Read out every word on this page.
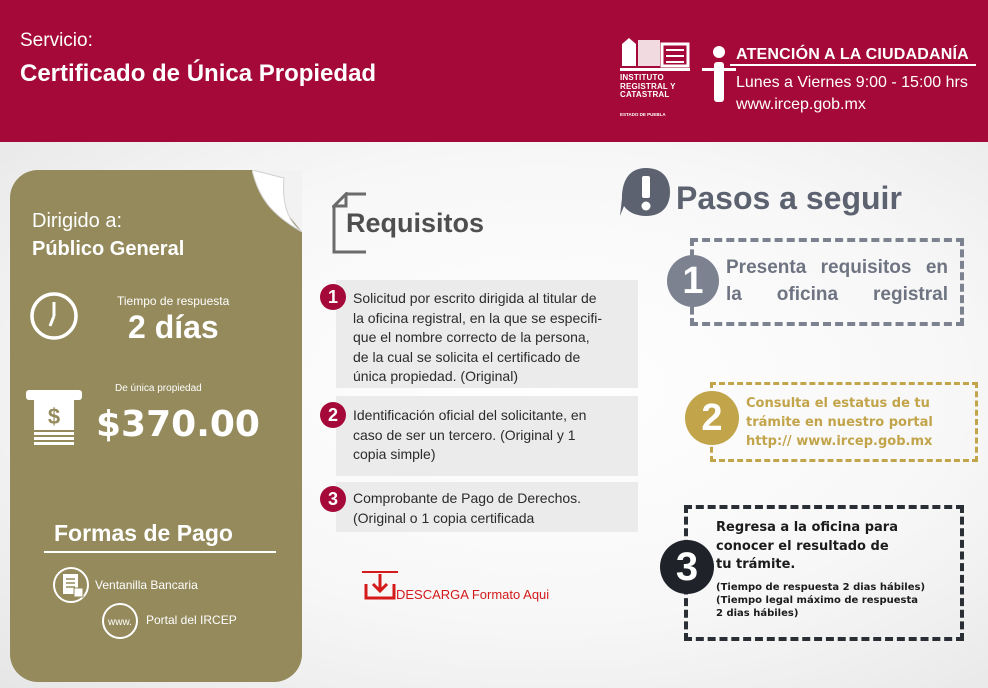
Servicio:
Certificado de Única Propiedad	INSTITUTO
REGISTRAL Y
CATASTRAL
ESTADO DE PUEBLA
ATENCIÓN A LA CIUDADANÍA
Lunes a Viernes 9:00 - 15:00 hrs
www.ircep.gob.mx
Dirigido a:
Público General
Tiempo de respuesta
2 días
$
De única propiedad
$370.00
Formas de Pago
Ventanilla Bancaria
www. Portal del IRCEP
Requisitos
1	Solicitud por escrito dirigida al titular de
la oficina registral, en la que se especifi-
que el nombre correcto de la persona,
de la cual se solicita el certificado de
única propiedad. (Original)
2	Identificación oficial del solicitante, en
caso de ser un tercero. (Original y 1
copia simple)
3	Comprobante de Pago de Derechos.
(Original o 1 copia certificada
DESCARGA Formato Aqui
Pasos a seguir
1	Presenta requisitos en la oficina registral
2	Consulta el estatus de tu
trámite en nuestro portal
http:// www.ircep.gob.mx
3
Regresa a la oficina para
conocer el resultado de
tu trámite.
(Tiempo de respuesta 2 dias hábiles)
(Tiempo legal máximo de respuesta
2 dias hábiles)
